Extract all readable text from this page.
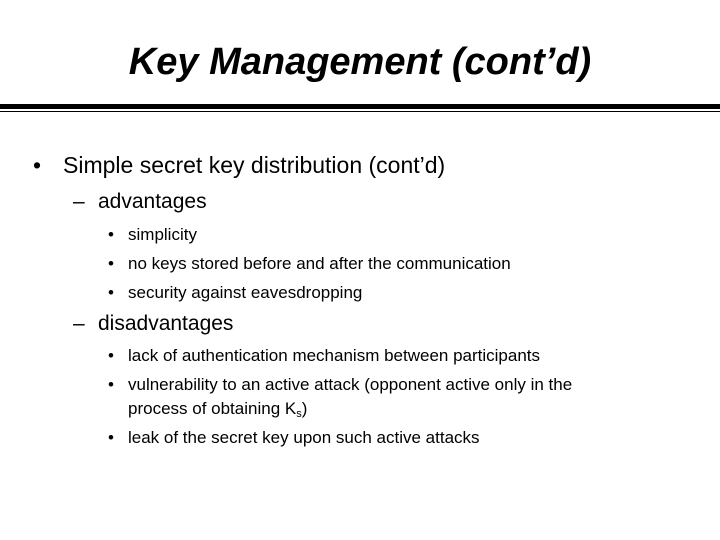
Key Management (cont’d)
• Simple secret key distribution (cont’d)
– advantages
• simplicity
• no keys stored before and after the communication
• security against eavesdropping
– disadvantages
• lack of authentication mechanism between participants
• vulnerability to an active attack (opponent active only in the
process of obtaining $K_s$)
• leak of the secret key upon such active attacks
